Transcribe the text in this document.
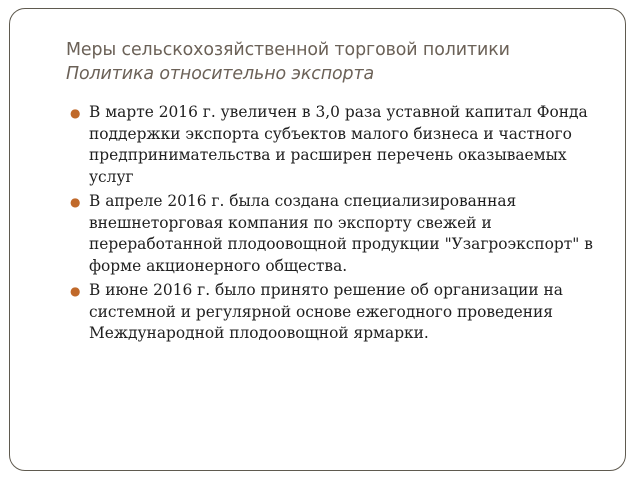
Меры сельскохозяйственной торговой политики
Политика относительно экспорта
● В марте 2016 г. увеличен в 3,0 раза уставной капитал Фонда поддержки экспорта субъектов малого бизнеса и частного предпринимательства и расширен перечень оказываемых услуг
● В апреле 2016 г. была создана специализированная внешнеторговая компания по экспорту свежей и переработанной плодоовощной продукции "Узагроэкспорт" в форме акционерного общества.
● В июне 2016 г. было принято решение об организации на системной и регулярной основе ежегодного проведения Международной плодоовощной ярмарки.
